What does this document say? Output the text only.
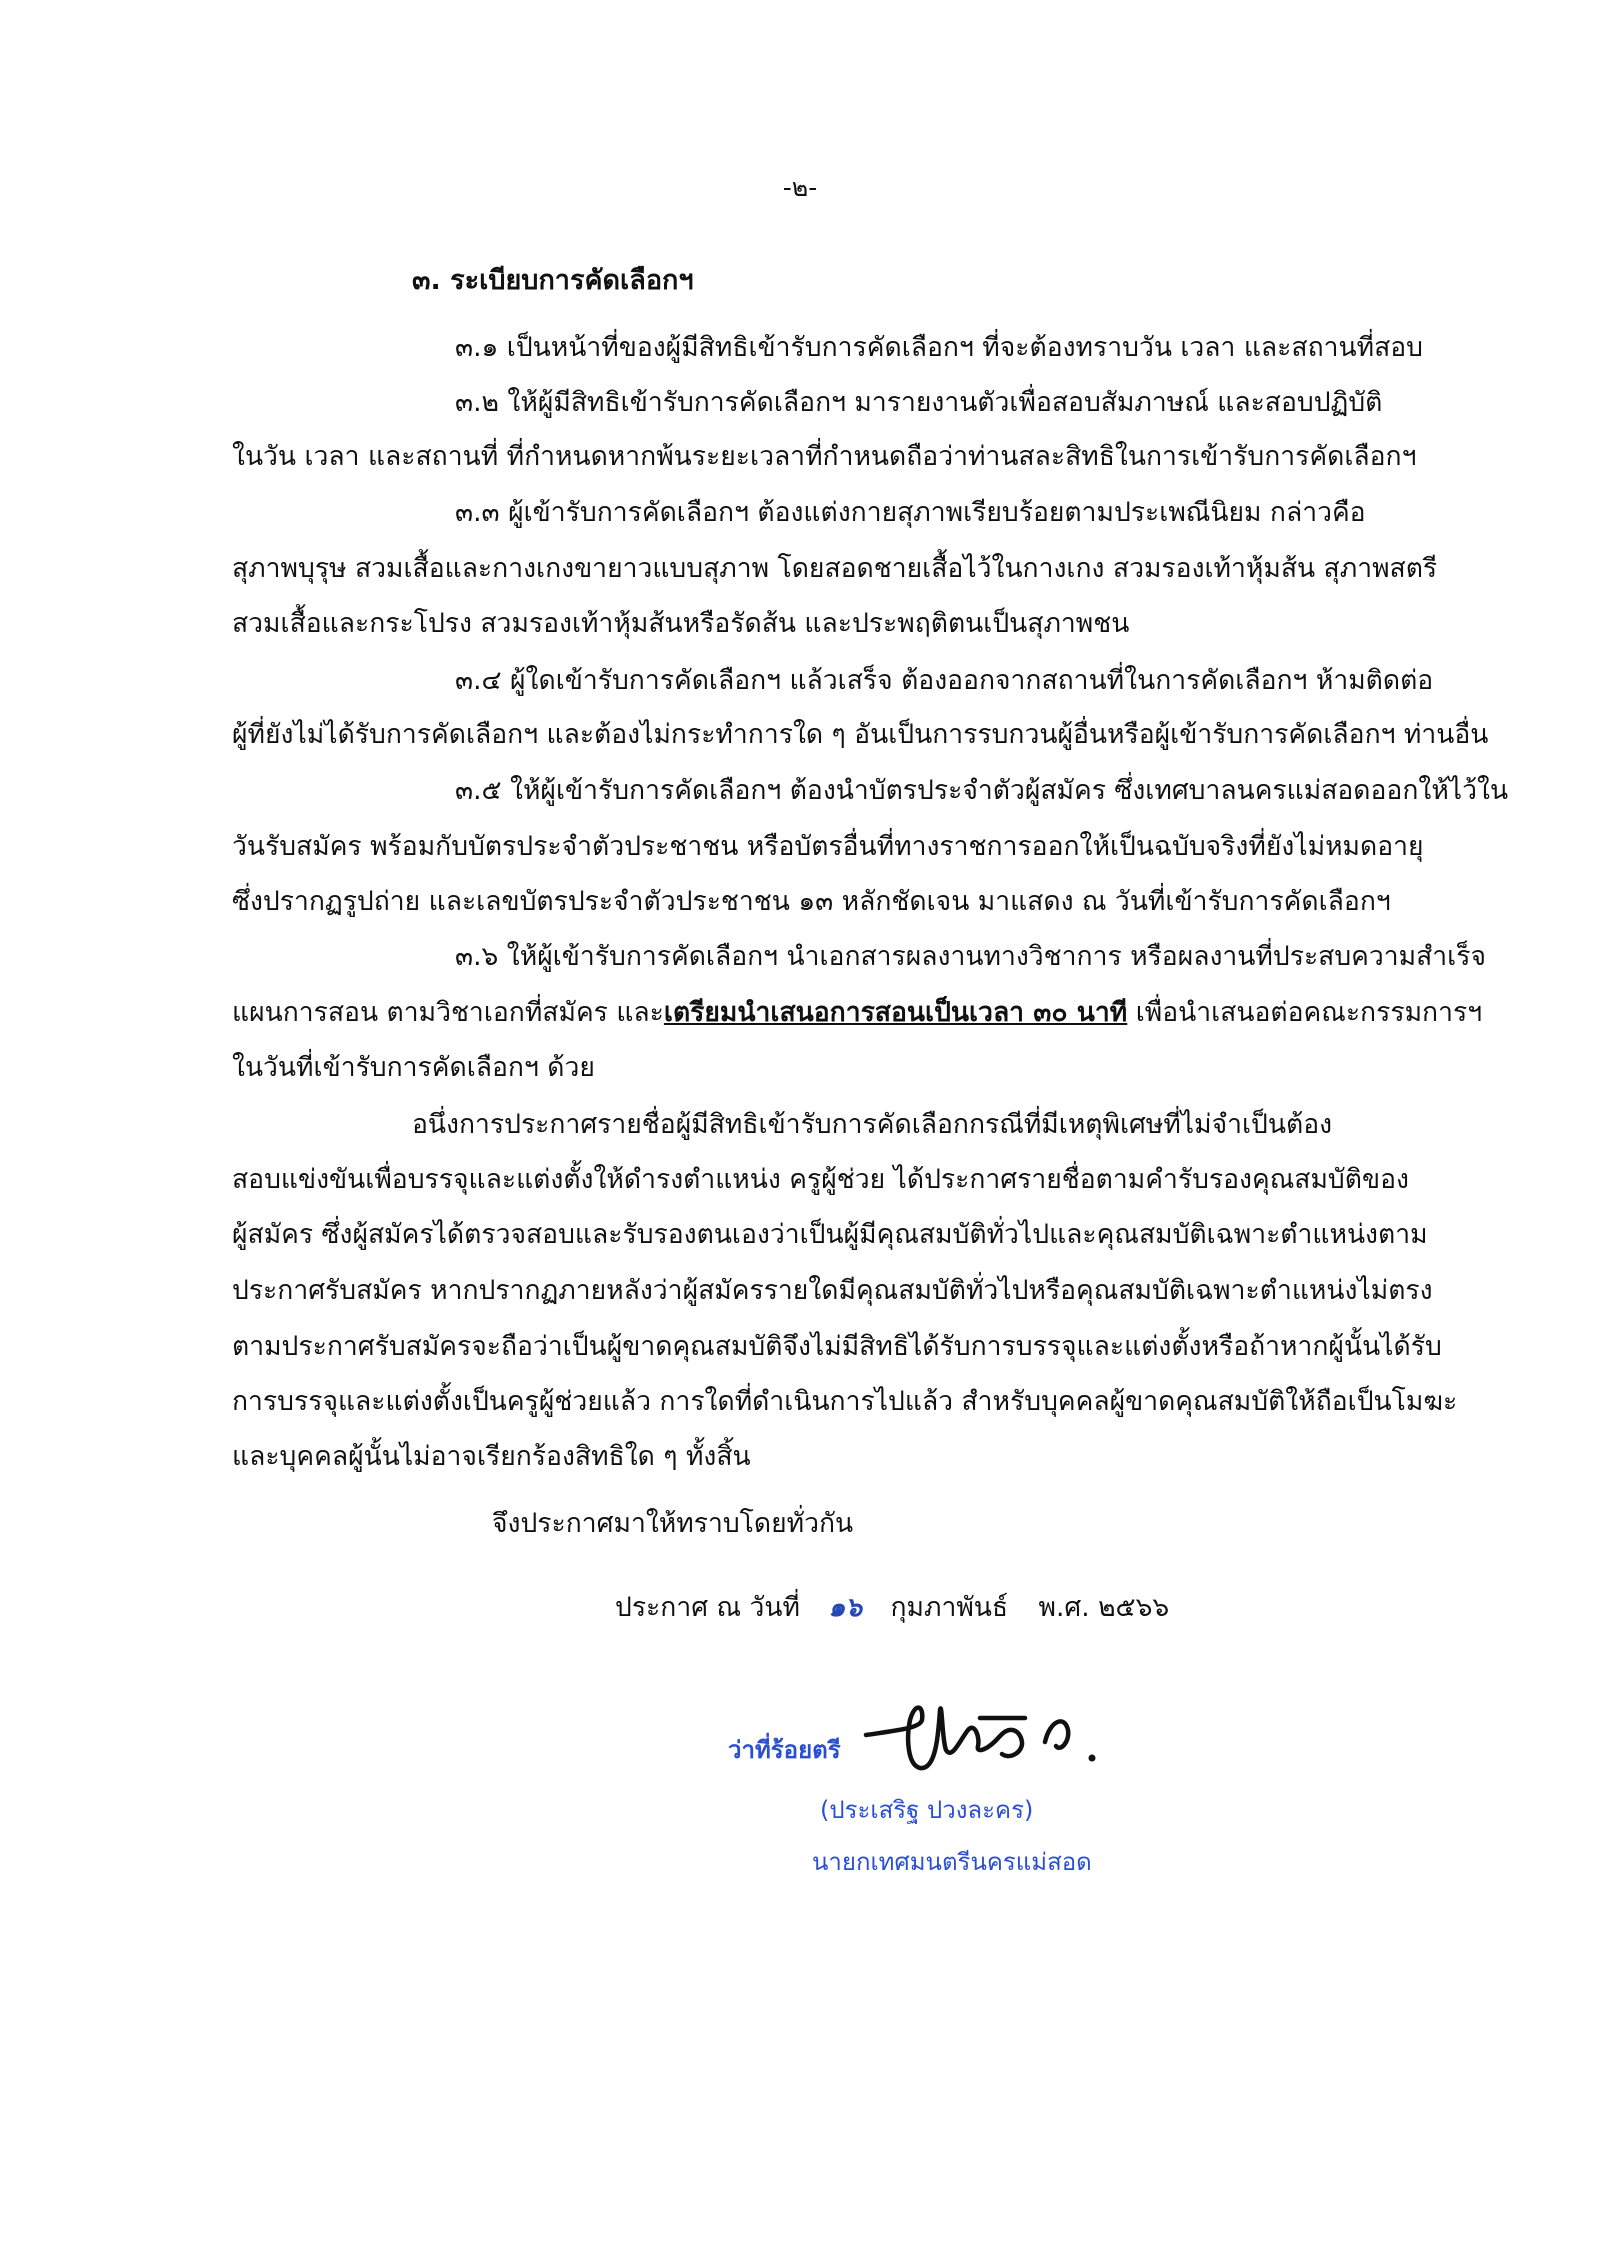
-๒-
๓. ระเบียบการคัดเลือกฯ
๓.๑ เป็นหน้าที่ของผู้มีสิทธิเข้ารับการคัดเลือกฯ ที่จะต้องทราบวัน เวลา และสถานที่สอบ
๓.๒ ให้ผู้มีสิทธิเข้ารับการคัดเลือกฯ มารายงานตัวเพื่อสอบสัมภาษณ์ และสอบปฏิบัติ
ในวัน เวลา และสถานที่ ที่กำหนดหากพ้นระยะเวลาที่กำหนดถือว่าท่านสละสิทธิในการเข้ารับการคัดเลือกฯ
๓.๓ ผู้เข้ารับการคัดเลือกฯ ต้องแต่งกายสุภาพเรียบร้อยตามประเพณีนิยม กล่าวคือ
สุภาพบุรุษ สวมเสื้อและกางเกงขายาวแบบสุภาพ โดยสอดชายเสื้อไว้ในกางเกง สวมรองเท้าหุ้มส้น สุภาพสตรี
สวมเสื้อและกระโปรง สวมรองเท้าหุ้มส้นหรือรัดส้น และประพฤติตนเป็นสุภาพชน
๓.๔ ผู้ใดเข้ารับการคัดเลือกฯ แล้วเสร็จ ต้องออกจากสถานที่ในการคัดเลือกฯ ห้ามติดต่อ
ผู้ที่ยังไม่ได้รับการคัดเลือกฯ และต้องไม่กระทำการใด ๆ อันเป็นการรบกวนผู้อื่นหรือผู้เข้ารับการคัดเลือกฯ ท่านอื่น
๓.๕ ให้ผู้เข้ารับการคัดเลือกฯ ต้องนำบัตรประจำตัวผู้สมัคร ซึ่งเทศบาลนครแม่สอดออกให้ไว้ใน
วันรับสมัคร พร้อมกับบัตรประจำตัวประชาชน หรือบัตรอื่นที่ทางราชการออกให้เป็นฉบับจริงที่ยังไม่หมดอายุ
ซึ่งปรากฏรูปถ่าย และเลขบัตรประจำตัวประชาชน ๑๓ หลักชัดเจน มาแสดง ณ วันที่เข้ารับการคัดเลือกฯ
๓.๖ ให้ผู้เข้ารับการคัดเลือกฯ นำเอกสารผลงานทางวิชาการ หรือผลงานที่ประสบความสำเร็จ
แผนการสอน ตามวิชาเอกที่สมัคร และเตรียมนำเสนอการสอนเป็นเวลา ๓๐ นาที เพื่อนำเสนอต่อคณะกรรมการฯ
ในวันที่เข้ารับการคัดเลือกฯ ด้วย
อนึ่งการประกาศรายชื่อผู้มีสิทธิเข้ารับการคัดเลือกกรณีที่มีเหตุพิเศษที่ไม่จำเป็นต้อง
สอบแข่งขันเพื่อบรรจุและแต่งตั้งให้ดำรงตำแหน่ง ครูผู้ช่วย ได้ประกาศรายชื่อตามคำรับรองคุณสมบัติของ
ผู้สมัคร ซึ่งผู้สมัครได้ตรวจสอบและรับรองตนเองว่าเป็นผู้มีคุณสมบัติทั่วไปและคุณสมบัติเฉพาะตำแหน่งตาม
ประกาศรับสมัคร หากปรากฏภายหลังว่าผู้สมัครรายใดมีคุณสมบัติทั่วไปหรือคุณสมบัติเฉพาะตำแหน่งไม่ตรง
ตามประกาศรับสมัครจะถือว่าเป็นผู้ขาดคุณสมบัติจึงไม่มีสิทธิได้รับการบรรจุและแต่งตั้งหรือถ้าหากผู้นั้นได้รับ
การบรรจุและแต่งตั้งเป็นครูผู้ช่วยแล้ว การใดที่ดำเนินการไปแล้ว สำหรับบุคคลผู้ขาดคุณสมบัติให้ถือเป็นโมฆะ
และบุคคลผู้นั้นไม่อาจเรียกร้องสิทธิใด ๆ ทั้งสิ้น
จึงประกาศมาให้ทราบโดยทั่วกัน
ประกาศ ณ วันที่ ๑๖ กุมภาพันธ์ พ.ศ. ๒๕๖๖
ว่าที่ร้อยตรี
(ประเสริฐ ปวงละคร)
นายกเทศมนตรีนครแม่สอด
